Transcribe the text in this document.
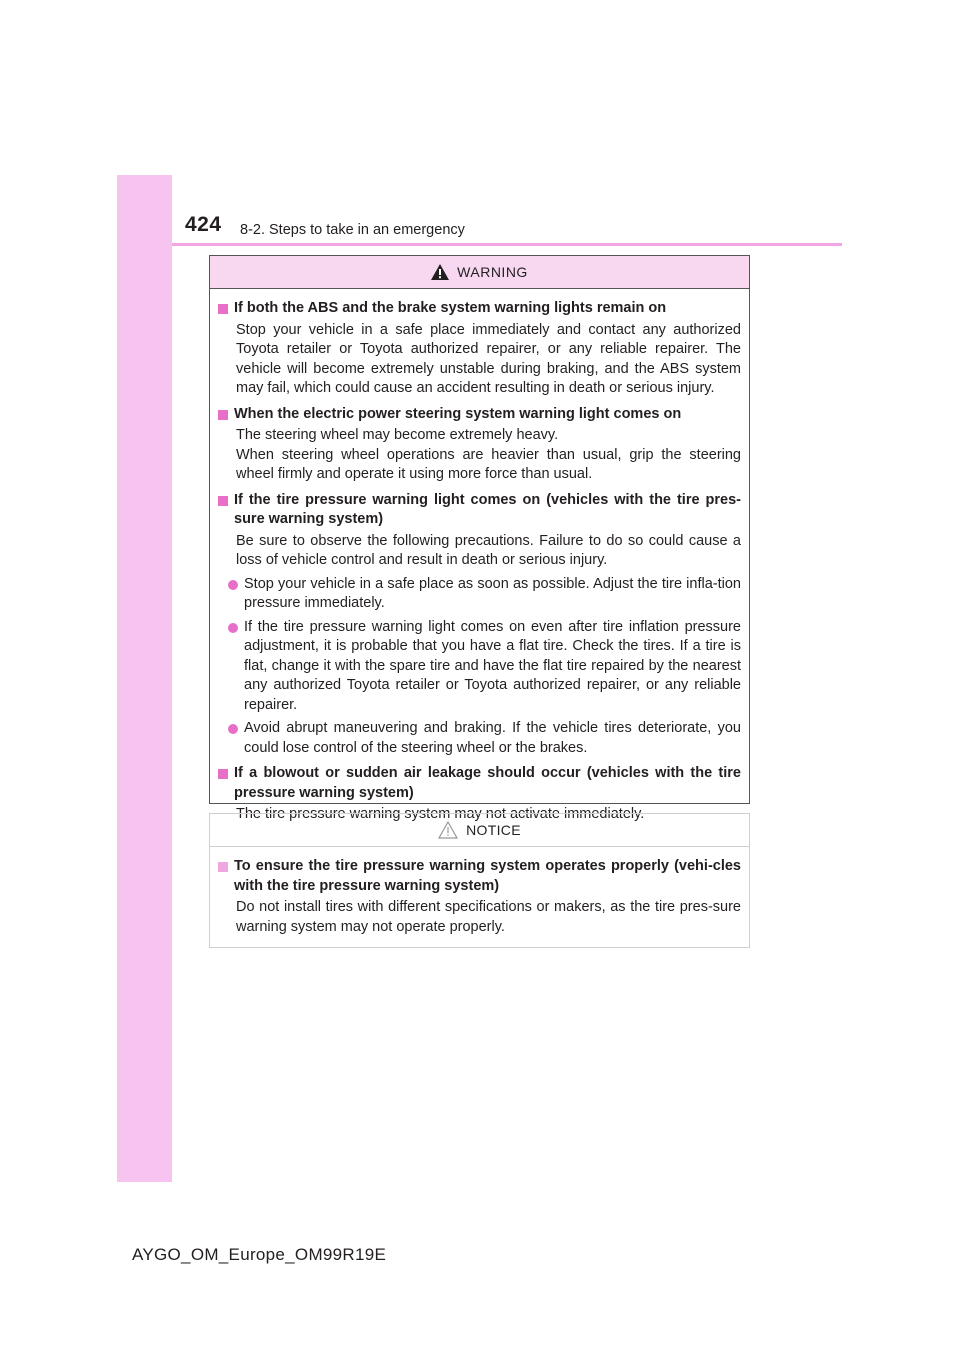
424 8-2. Steps to take in an emergency
WARNING
If both the ABS and the brake system warning lights remain on
Stop your vehicle in a safe place immediately and contact any authorized Toyota retailer or Toyota authorized repairer, or any reliable repairer. The vehicle will become extremely unstable during braking, and the ABS system may fail, which could cause an accident resulting in death or serious injury.
When the electric power steering system warning light comes on
The steering wheel may become extremely heavy.
When steering wheel operations are heavier than usual, grip the steering wheel firmly and operate it using more force than usual.
If the tire pressure warning light comes on (vehicles with the tire pres-sure warning system)
Be sure to observe the following precautions. Failure to do so could cause a loss of vehicle control and result in death or serious injury.
Stop your vehicle in a safe place as soon as possible. Adjust the tire infla-tion pressure immediately.
If the tire pressure warning light comes on even after tire inflation pressure adjustment, it is probable that you have a flat tire. Check the tires. If a tire is flat, change it with the spare tire and have the flat tire repaired by the nearest any authorized Toyota retailer or Toyota authorized repairer, or any reliable repairer.
Avoid abrupt maneuvering and braking. If the vehicle tires deteriorate, you could lose control of the steering wheel or the brakes.
If a blowout or sudden air leakage should occur (vehicles with the tire pressure warning system)
The tire pressure warning system may not activate immediately.
NOTICE
To ensure the tire pressure warning system operates properly (vehi-cles with the tire pressure warning system)
Do not install tires with different specifications or makers, as the tire pres-sure warning system may not operate properly.
AYGO_OM_Europe_OM99R19E
